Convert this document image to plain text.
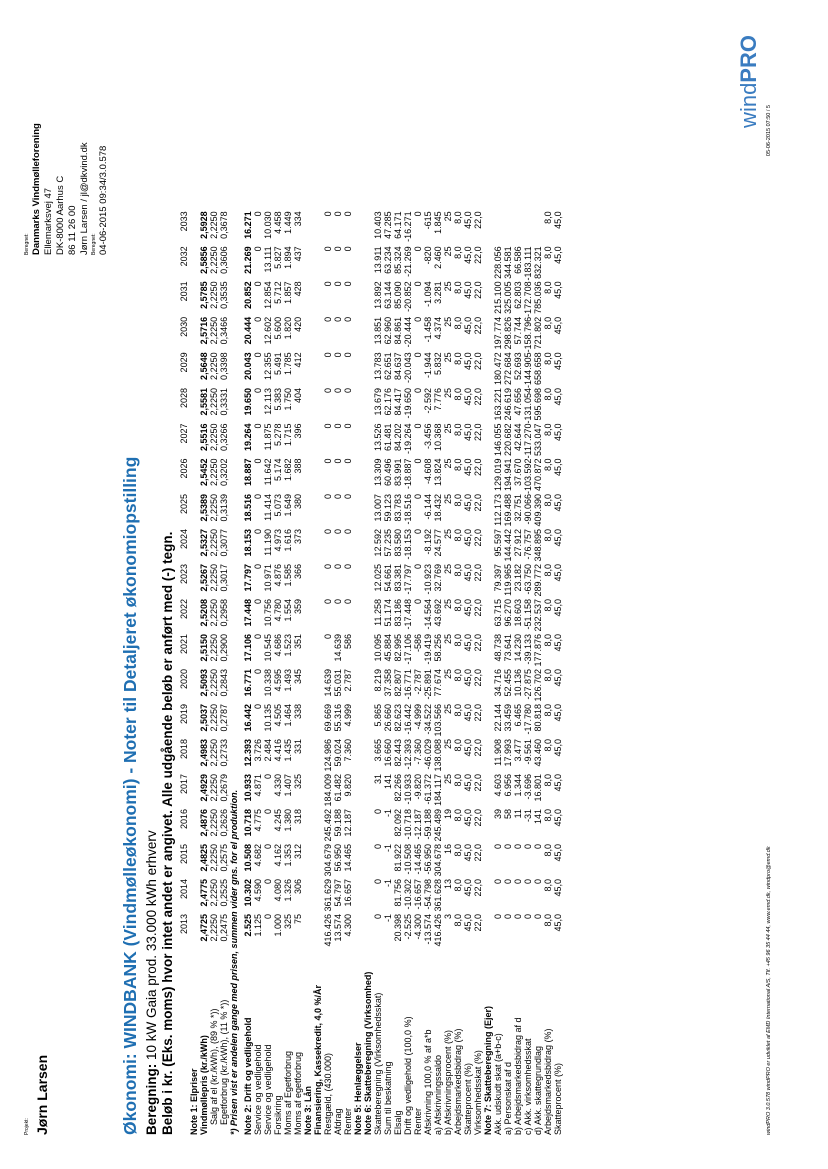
Projekt: Jørn Larsen
Beregnet: Danmarks Vindmølleforening Ellemarksvej 47 DK-8000 Aarhus C 86 11 26 00 Jørn Larsen / jl@dkvind.dk Beregnet: 04-06-2015 09:34/3.0.578
Økonomi: WINDBANK (Vindmølleøkonomi) - Noter til Detaljeret økonomiopstilling Beregning: 10 kW Gaia prod. 33.000 kWh erhverv Beløb i kr. (Eks. moms) hvor intet andet er angivet. Alle udgående beløb er anført med (-) tegn.
	2013	2014	2015	2016	2017	2018	2019	2020	2021	2022	2023	2024	2025	2026	2027	2028	2029	2030	2031	2032	2033
Note 1: Elpriser																					
Vindmøllepris (kr./kWh)	2,4725	2,4775	2,4825	2,4876	2,4929	2,4983	2,5037	2,5093	2,5150	2,5208	2,5267	2,5327	2,5389	2,5452	2,5516	2,5581	2,5648	2,5716	2,5785	2,5856	2,5928
Salg af el (kr./kWh), (89 % *))	2,2250	2,2250	2,2250	2,2250	2,2250	2,2250	2,2250	2,2250	2,2250	2,2250	2,2250	2,2250	2,2250	2,2250	2,2250	2,2250	2,2250	2,2250	2,2250	2,2250	2,2250
Egetforbrug (kr./kWh), (11 % *))	0,2475	0,2525	0,2575	0,2626	0,2679	0,2733	0,2787	0,2843	0,2900	0,2958	0,3017	0,3077	0,3139	0,3202	0,3266	0,3331	0,3398	0,3466	0,3535	0,3606	0,3678
*) Prisen vist er andelen gange med prisen, summen vider gns. for el produktion.																					

Note 2: Drift og vedligehold	2.525	10.302	10.508	10.718	10.933	12.393	16.442	16.771	17.106	17.448	17.797	18.153	18.516	18.887	19.264	19.650	20.043	20.444	20.852	21.269	16.271
Service og vedligehold	1.125	4.590	4.682	4.775	4.871	3.726	0	0	0	0	0	0	0	0	0	0	0	0	0	0	0
Service og vedligehold	0	0	0	0	0	2.484	10.135	10.338	10.545	10.756	10.971	11.190	11.414	11.642	11.875	12.113	12.355	12.602	12.854	13.111	10.030
Forsikring	1.000	4.080	4.162	4.245	4.330	4.416	4.505	4.595	4.686	4.780	4.876	4.973	5.073	5.174	5.278	5.383	5.491	5.600	5.712	5.827	4.458
Moms af Egetforbrug	325	1.326	1.353	1.380	1.407	1.435	1.464	1.493	1.523	1.554	1.585	1.616	1.649	1.682	1.715	1.750	1.785	1.820	1.857	1.894	1.449
Moms af egetforbrug	75	306	312	318	325	331	338	345	351	359	366	373	380	388	396	404	412	420	428	437	334
Note 3: Lån																					
Finansiering, Kassekredit, 4,0 %/År																					
Restgæld, (430.000)	416.426	361.629	304.679	245.492	184.009	124.986	69.669	14.639	0	0	0	0	0	0	0	0	0	0	0	0	0
Afdrag	13.574	54.797	56.950	59.188	61.482	59.024	55.316	55.031	14.639	0	0	0	0	0	0	0	0	0	0	0	0
Renter	4.300	16.657	14.465	12.187	9.820	7.360	4.999	2.787	586	0	0	0	0	0	0	0	0	0	0	0	0
Note 5: Henlæggelser																					
Note 6: Skatteberegning (Virksomhed)																					
Skatteberegning (Virksomhedsskat)	0	0	0	0	31	3.665	5.865	8.219	10.095	11.258	12.025	12.592	13.007	13.309	13.526	13.679	13.783	13.851	13.892	13.911	10.403
Sum til beskatning	-1	-1	-1	-1	141	16.660	26.660	37.358	45.884	51.174	54.661	57.235	59.123	60.496	61.481	62.176	62.651	62.960	63.144	63.234	47.285
Elsalg	20.398	81.756	81.922	82.092	82.266	82.443	82.623	82.807	82.995	83.186	83.381	83.580	83.783	83.991	84.202	84.417	84.637	84.861	85.090	85.324	64.171
Drift og vedligehold (100,0 %)	-2.525	-10.302	-10.508	-10.718	-10.933	-12.393	-16.442	-16.771	-17.106	-17.448	-17.797	-18.153	-18.516	-18.887	-19.264	-19.650	-20.043	-20.444	-20.852	-21.269	-16.271
Renter	-4.300	-16.657	-14.465	-12.187	-9.820	-7.360	-4.999	-2.787	-586	0	0	0	0	0	0	0	0	0	0	0	0
Afskrivning 100,0 % af a*b	-13.574	-54.798	-56.950	-59.188	-61.372	-46.029	-34.522	-25.891	-19.419	-14.564	-10.923	-8.192	-6.144	-4.608	-3.456	-2.592	-1.944	-1.458	-1.094	-820	-615
a) Afskrivningssaldo	416.426	361.628	304.678	245.489	184.117	138.088	103.566	77.674	58.256	43.692	32.769	24.577	18.432	13.824	10.368	7.776	5.832	4.374	3.281	2.460	1.845
b) Afskrivningsprocent (%)	3	13	16	19	25	25	25	25	25	25	25	25	25	25	25	25	25	25	25	25	25
Arbejdsmarkedsbidrag (%)	8,0	8,0	8,0	8,0	8,0	8,0	8,0	8,0	8,0	8,0	8,0	8,0	8,0	8,0	8,0	8,0	8,0	8,0	8,0	8,0	8,0
Skatteprocent (%)	45,0	45,0	45,0	45,0	45,0	45,0	45,0	45,0	45,0	45,0	45,0	45,0	45,0	45,0	45,0	45,0	45,0	45,0	45,0	45,0	45,0
Virksomhedsskat (%)	22,0	22,0	22,0	22,0	22,0	22,0	22,0	22,0	22,0	22,0	22,0	22,0	22,0	22,0	22,0	22,0	22,0	22,0	22,0	22,0	22,0
Note 7: Skatteberegning (Ejer)																					
Akk. udskudt skat (a+b-c)	0	0	0	39	4.603	11.908	22.144	34.716	48.738	63.715	79.397	95.597	112.173	129.019	146.055	163.221	180.472	197.774	215.100	228.056	
a) Personskat af d	0	0	0	58	6.956	17.993	33.459	52.455	73.641	96.270	119.965	144.442	169.488	194.941	220.682	246.619	272.684	298.826	325.005	344.581	
b) Arbejdsmarkedsbidrag af d	0	0	0	11	1.344	3.477	6.465	10.136	14.230	18.603	23.182	27.912	32.751	37.670	42.644	47.656	52.693	57.744	62.803	66.586	
c) Akk. virksomhedsskat	0	0	0	-31	-3.696	-9.561	-17.780	-27.875	-39.133	-51.158	-63.750	-76.757	-90.066	-103.592	-117.270	-131.054	-144.905	-158.796	-172.708	-183.111	
d) Akk. skattegrundlag	0	0	0	141	16.801	43.460	80.818	126.702	177.876	232.537	289.772	348.895	409.390	470.872	533.047	595.698	658.658	721.802	785.036	832.321	
Arbejdsmarkedsbidrag (%)	8,0	8,0	8,0	8,0	8,0	8,0	8,0	8,0	8,0	8,0	8,0	8,0	8,0	8,0	8,0	8,0	8,0	8,0	8,0	8,0	8,0
Skatteprocent (%)	45,0	45,0	45,0	45,0	45,0	45,0	45,0	45,0	45,0	45,0	45,0	45,0	45,0	45,0	45,0	45,0	45,0	45,0	45,0	45,0	45,0
windPRO 3.0.578 windPRO er udviklet af EMD International A/S, Tlf. +45 96 35 44 44, www.emd.dk, windpro@emd.dk
05-06-2015 07:50 / 5
windPRO
